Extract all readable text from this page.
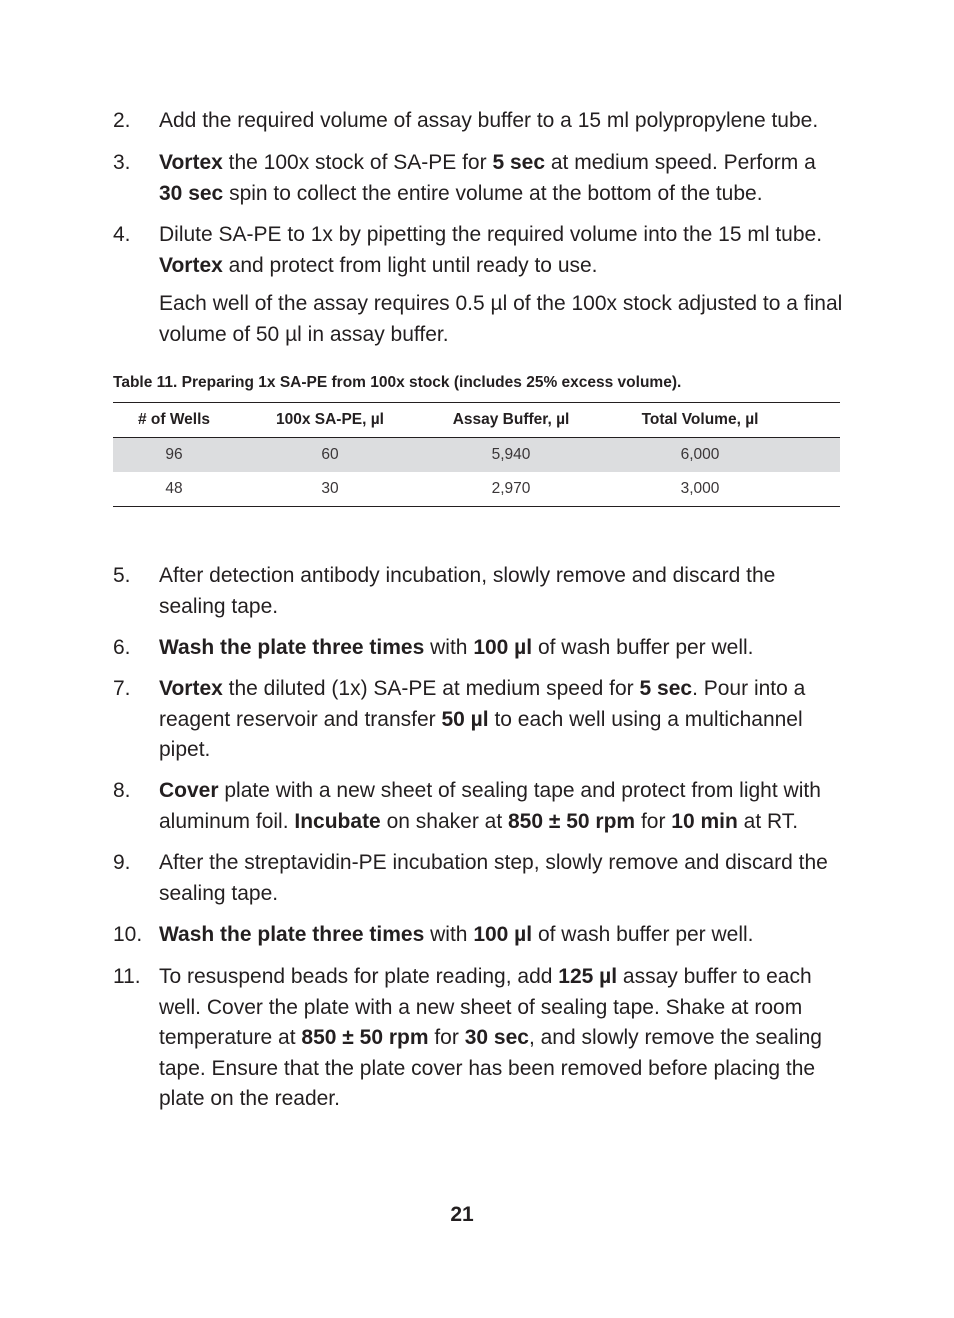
2. Add the required volume of assay buffer to a 15 ml polypropylene tube.

3. Vortex the 100x stock of SA-PE for 5 sec at medium speed. Perform a 30 sec spin to collect the entire volume at the bottom of the tube.

4. Dilute SA-PE to 1x by pipetting the required volume into the 15 ml tube. Vortex and protect from light until ready to use.

Each well of the assay requires 0.5 µl of the 100x stock adjusted to a final volume of 50 µl in assay buffer.

Table 11. Preparing 1x SA-PE from 100x stock (includes 25% excess volume).
# of Wells	100x SA-PE, µl	Assay Buffer, µl	Total Volume, µl	
96	60	5,940	6,000	
48	30	2,970	3,000	
5. After detection antibody incubation, slowly remove and discard the sealing tape.

6. Wash the plate three times with 100 µl of wash buffer per well.

7. Vortex the diluted (1x) SA-PE at medium speed for 5 sec. Pour into a reagent reservoir and transfer 50 µl to each well using a multichannel pipet.

8. Cover plate with a new sheet of sealing tape and protect from light with aluminum foil. Incubate on shaker at 850 ± 50 rpm for 10 min at RT.

9. After the streptavidin-PE incubation step, slowly remove and discard the sealing tape.

10. Wash the plate three times with 100 µl of wash buffer per well.

11. To resuspend beads for plate reading, add 125 µl assay buffer to each well. Cover the plate with a new sheet of sealing tape. Shake at room temperature at 850 ± 50 rpm for 30 sec, and slowly remove the sealing tape. Ensure that the plate cover has been removed before placing the plate on the reader.

21
